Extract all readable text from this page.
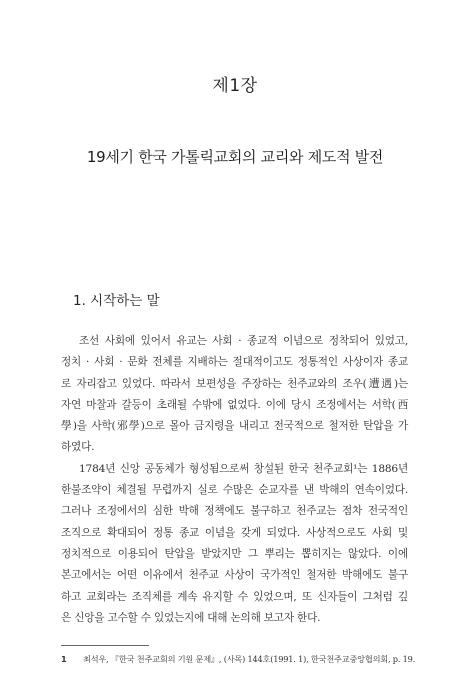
제1장
19세기 한국 가톨릭교회의 교리와 제도적 발전
1. 시작하는 말
조선 사회에 있어서 유교는 사회 · 종교적 이념으로 정착되어 있었고,
정치 · 사회 · 문화 전체를 지배하는 절대적이고도 정통적인 사상이자 종교
로 자리잡고 있었다. 따라서 보편성을 주장하는 천주교와의 조우(遭遇)는
자연 마찰과 갈등이 초래될 수밖에 없었다. 이에 당시 조정에서는 서학(西
學)을 사학(邪學)으로 몰아 금지령을 내리고 전국적으로 철저한 탄압을 가
하였다.
1784년 신앙 공동체가 형성됨으로써 창설된 한국 천주교회¹는 1886년
한불조약이 체결될 무렵까지 실로 수많은 순교자를 낸 박해의 연속이었다.
그러나 조정에서의 심한 박해 정책에도 불구하고 천주교는 점차 전국적인
조직으로 확대되어 정통 종교 이념을 갖게 되었다. 사상적으로도 사회 및
정치적으로 이용되어 탄압을 받았지만 그 뿌리는 뽑히지는 않았다. 이에
본고에서는 어떤 이유에서 천주교 사상이 국가적인 철저한 박해에도 불구
하고 교회라는 조직체를 계속 유지할 수 있었으며, 또 신자들이 그처럼 깊
은 신앙을 고수할 수 있었는지에 대해 논의해 보고자 한다.
1 최석우, 『한국 천주교회의 기원 문제』, (사목) 144호(1991. 1), 한국천주교중앙협의회, p. 19.
